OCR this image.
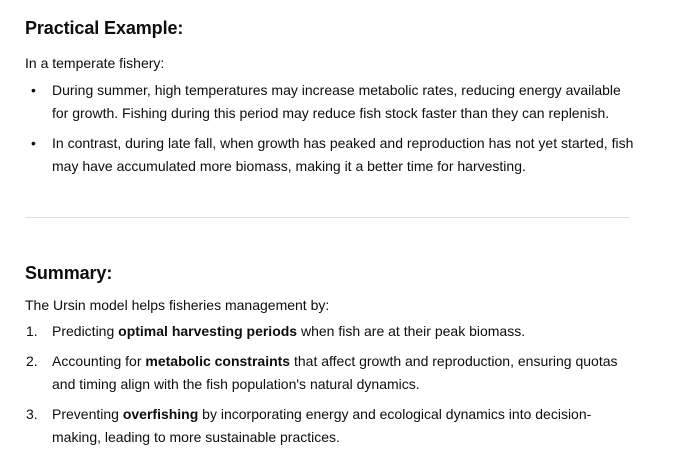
Practical Example:

In a temperate fishery:

• During summer, high temperatures may increase metabolic rates, reducing energy available for growth. Fishing during this period may reduce fish stock faster than they can replenish.
• In contrast, during late fall, when growth has peaked and reproduction has not yet started, fish may have accumulated more biomass, making it a better time for harvesting.
Summary:

The Ursin model helps fisheries management by:

1. Predicting optimal harvesting periods when fish are at their peak biomass.
2. Accounting for metabolic constraints that affect growth and reproduction, ensuring quotas and timing align with the fish population's natural dynamics.
3. Preventing overfishing by incorporating energy and ecological dynamics into decision-making, leading to more sustainable practices.
